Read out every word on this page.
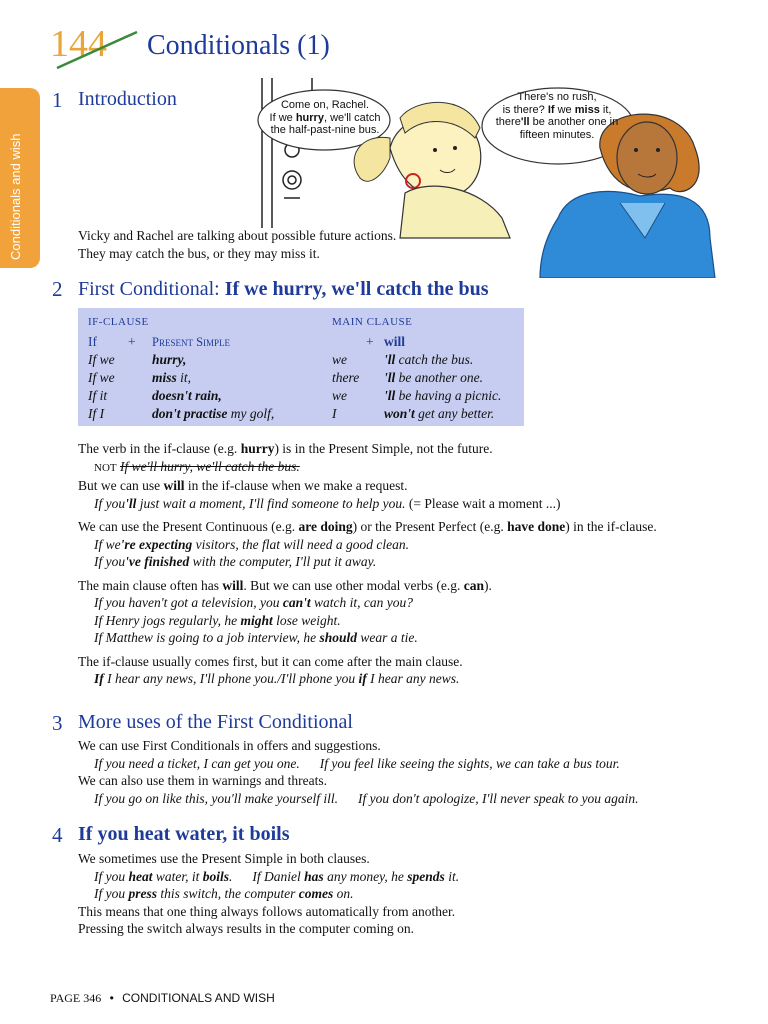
144 Conditionals (1)
Conditionals and wish
1 Introduction	Come on, Rachel.
If we hurry, we'll catch
the half-past-nine bus.
There's no rush,
is there? If we miss it,
there'll be another one in
fifteen minutes.
Vicky and Rachel are talking about possible future actions.
They may catch the bus, or they may miss it.
2 First Conditional: If we hurry, we'll catch the bus
IF-CLAUSE	MAIN CLAUSE
If + Present Simple	+ will
If we	hurry,	we	'll catch the bus.
If we	miss it,	there 'll be another one.
If it	doesn't rain,	we	'll be having a picnic.
If I	don't practise my golf,	I	won't get any better.
The verb in the if-clause (e.g. hurry) is in the Present Simple, not the future.
NOT If we'll hurry, we'll catch the bus.
But we can use will in the if-clause when we make a request.
If you'll just wait a moment, I'll find someone to help you. (= Please wait a moment ...)
We can use the Present Continuous (e.g. are doing) or the Present Perfect (e.g. have done) in the if-clause.
If we're expecting visitors, the flat will need a good clean.
If you've finished with the computer, I'll put it away.
The main clause often has will. But we can use other modal verbs (e.g. can).
If you haven't got a television, you can't watch it, can you?
If Henry jogs regularly, he might lose weight.
If Matthew is going to a job interview, he should wear a tie.
The if-clause usually comes first, but it can come after the main clause.
If I hear any news, I'll phone you./I'll phone you if I hear any news.
3 More uses of the First Conditional
We can use First Conditionals in offers and suggestions.
If you need a ticket, I can get you one. If you feel like seeing the sights, we can take a bus tour.
We can also use them in warnings and threats.
If you go on like this, you'll make yourself ill. If you don't apologize, I'll never speak to you again.
4 If you heat water, it boils
We sometimes use the Present Simple in both clauses.
If you heat water, it boils. If Daniel has any money, he spends it.
If you press this switch, the computer comes on.
This means that one thing always follows automatically from another.
Pressing the switch always results in the computer coming on.
PAGE 346 • CONDITIONALS AND WISH
